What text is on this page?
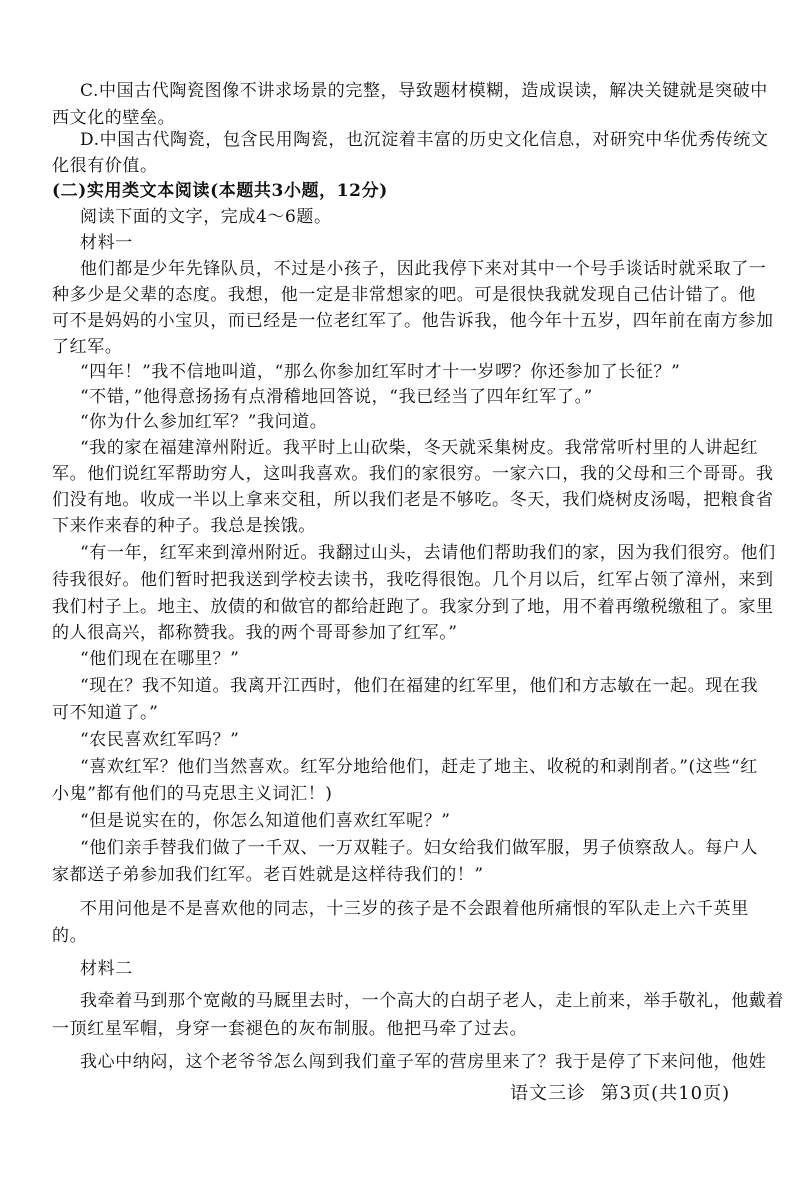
C.中国古代陶瓷图像不讲求场景的完整，导致题材模糊，造成误读，解决关键就是突破中

西文化的壁垒。

D.中国古代陶瓷，包含民用陶瓷，也沉淀着丰富的历史文化信息，对研究中华优秀传统文

化很有价值。

(二)实用类文本阅读(本题共3小题，12分)

阅读下面的文字，完成4～6题。

材料一

他们都是少年先锋队员，不过是小孩子，因此我停下来对其中一个号手谈话时就采取了一

种多少是父辈的态度。我想，他一定是非常想家的吧。可是很快我就发现自己估计错了。他

可不是妈妈的小宝贝，而已经是一位老红军了。他告诉我，他今年十五岁，四年前在南方参加

了红军。

“四年！”我不信地叫道，“那么你参加红军时才十一岁啰？你还参加了长征？”

“不错，”他得意扬扬有点滑稽地回答说，“我已经当了四年红军了。”

“你为什么参加红军？”我问道。

“我的家在福建漳州附近。我平时上山砍柴，冬天就采集树皮。我常常听村里的人讲起红

军。他们说红军帮助穷人，这叫我喜欢。我们的家很穷。一家六口，我的父母和三个哥哥。我

们没有地。收成一半以上拿来交租，所以我们老是不够吃。冬天，我们烧树皮汤喝，把粮食省

下来作来春的种子。我总是挨饿。

“有一年，红军来到漳州附近。我翻过山头，去请他们帮助我们的家，因为我们很穷。他们

待我很好。他们暂时把我送到学校去读书，我吃得很饱。几个月以后，红军占领了漳州，来到

我们村子上。地主、放债的和做官的都给赶跑了。我家分到了地，用不着再缴税缴租了。家里

的人很高兴，都称赞我。我的两个哥哥参加了红军。”

“他们现在在哪里？”

“现在？我不知道。我离开江西时，他们在福建的红军里，他们和方志敏在一起。现在我

可不知道了。”

“农民喜欢红军吗？”

“喜欢红军？他们当然喜欢。红军分地给他们，赶走了地主、收税的和剥削者。”(这些“红

小鬼”都有他们的马克思主义词汇！)

“但是说实在的，你怎么知道他们喜欢红军呢？”

“他们亲手替我们做了一千双、一万双鞋子。妇女给我们做军服，男子侦察敌人。每户人

家都送子弟参加我们红军。老百姓就是这样待我们的！”

不用问他是不是喜欢他的同志，十三岁的孩子是不会跟着他所痛恨的军队走上六千英里

的。

材料二

我牵着马到那个宽敞的马厩里去时，一个高大的白胡子老人，走上前来，举手敬礼，他戴着

一顶红星军帽，身穿一套褪色的灰布制服。他把马牵了过去。

我心中纳闷，这个老爷爷怎么闯到我们童子军的营房里来了？我于是停了下来问他，他姓

语文三诊 第3页(共10页)
